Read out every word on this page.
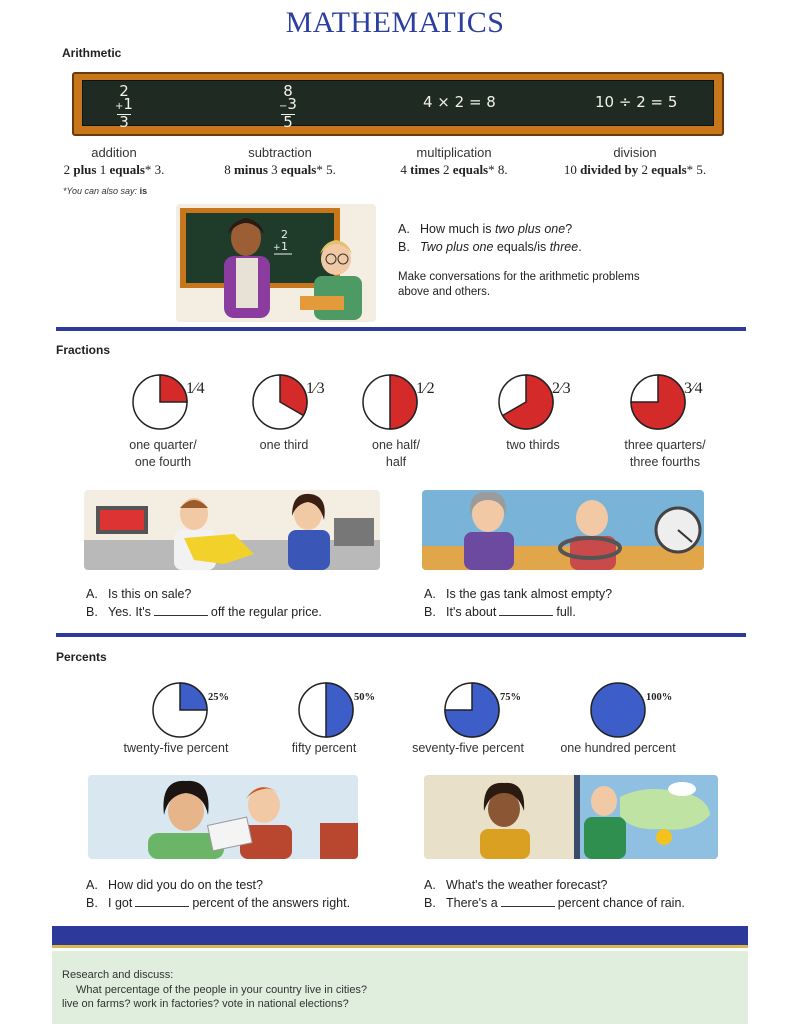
MATHEMATICS
Arithmetic
2
+1
3
8
−3
5
4 × 2 = 8	10 ÷ 2 = 5
addition	subtraction	multiplication	division
2 plus 1 equals* 3.	8 minus 3 equals* 5.	4 times 2 equals* 8.	10 divided by 2 equals* 5.
*You can also say: is
2
+ 1
A. How much is two plus one?
B. Two plus one equals/is three.
Make conversations for the arithmetic problems
above and others.
Fractions
1⁄4
one quarter/
one fourth
1⁄3
one third
1⁄2
one half/
half
2⁄3
two thirds
3⁄4
three quarters/
three fourths
A. Is this on sale?
B. Yes. It's	off the regular price.
A. Is the gas tank almost empty?
B. It's about	full.
Percents
25%
twenty-five percent
50%
fifty percent
75%
seventy-five percent
100%
one hundred percent
A. How did you do on the test?
B. I got	percent of the answers right.
A. What's the weather forecast?
B. There's a	percent chance of rain.
Research and discuss:
What percentage of the people in your country live in cities?
live on farms? work in factories? vote in national elections?
